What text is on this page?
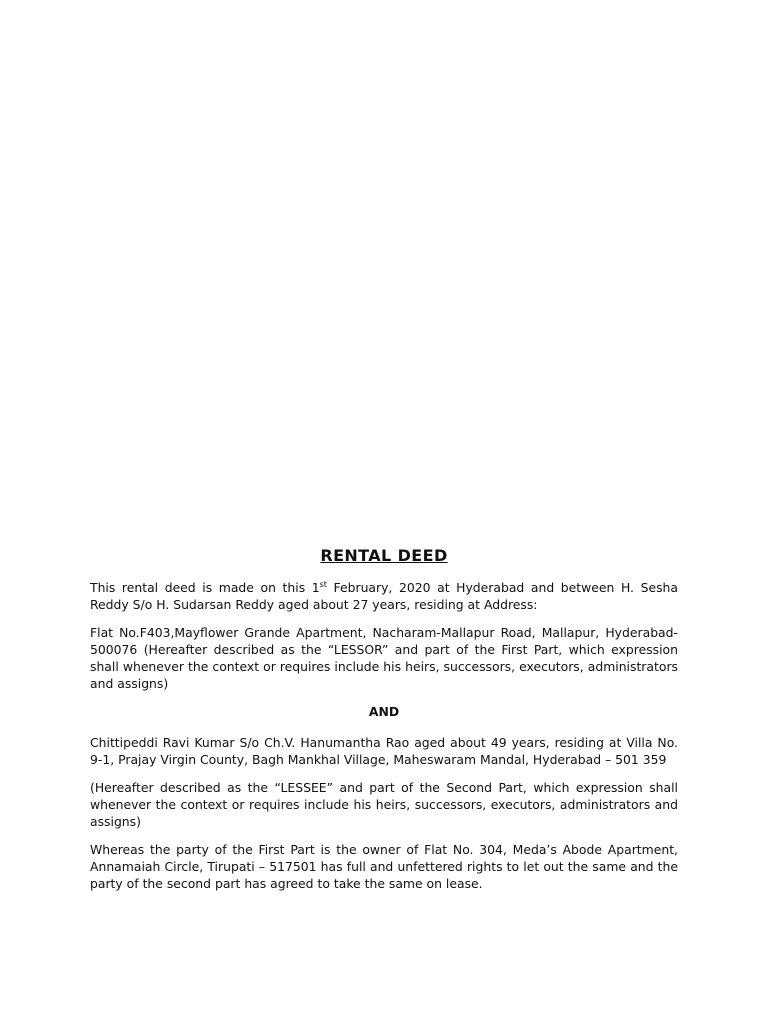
RENTAL DEED

This rental deed is made on this 1st February, 2020 at Hyderabad and between H. Sesha Reddy S/o H. Sudarsan Reddy aged about 27 years, residing at Address:

Flat No.F403,Mayflower Grande Apartment, Nacharam-Mallapur Road, Mallapur, Hyderabad-500076 (Hereafter described as the “LESSOR” and part of the First Part, which expression shall whenever the context or requires include his heirs, successors, executors, administrators and assigns)

AND

Chittipeddi Ravi Kumar S/o Ch.V. Hanumantha Rao aged about 49 years, residing at Villa No. 9-1, Prajay Virgin County, Bagh Mankhal Village, Maheswaram Mandal, Hyderabad – 501 359

(Hereafter described as the “LESSEE” and part of the Second Part, which expression shall whenever the context or requires include his heirs, successors, executors, administrators and assigns)

Whereas the party of the First Part is the owner of Flat No. 304, Meda’s Abode Apartment, Annamaiah Circle, Tirupati – 517501 has full and unfettered rights to let out the same and the party of the second part has agreed to take the same on lease.
